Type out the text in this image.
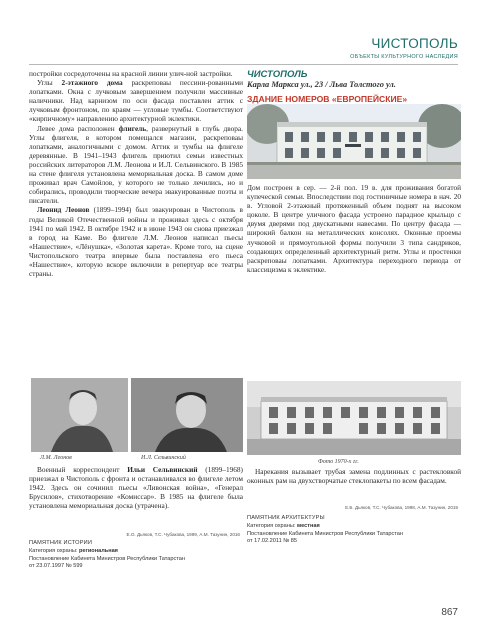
ЧИСТОПОЛЬ
ОБЪЕКТЫ КУЛЬТУРНОГО НАСЛЕДИЯ

постройки сосредоточены на красной линии улич-ной застройки.

Углы 2-этажного дома раскреповаы пессини-рованными лопатками. Окна с лучковым завершением получили массивные наличники. Над карнизом по оси фасада поставлен аттик с лучковым фронтоном, по краям — угловые тумбы. Соответствуют «кирпичному» направлению архитектурной эклектики.

Левее дома расположен флигель, развернутый в глубь двора. Углы флигеля, в котором помещался магазин, раскреповаы лопатками, аналогичными с домом. Аттик и тумбы на флигеле деревянные. В 1941–1943 флигель приютил семьи известных российских литераторов Л.М. Леонова и И.Л. Сельвинского. В 1985 на стене флигеля установлена мемориальная доска. В самом доме проживал врач Самойлов, у которого не только лечились, но и собирались, проводили творческие вечера эвакуированные поэты и писатели.

Леонид Леонов (1899–1994) был эвакуирован в Чистополь в годы Великой Отечественной войны и проживал здесь с октября 1941 по май 1942. В октябре 1942 и в июне 1943 он снова приезжал в город на Каме. Во флигеле Л.М. Леонов написал пьесы «Нашествие», «Лёнушка», «Золотая карета». Кроме того, на сцене Чистопольского театра впервые была поставлена его пьеса «Нашествие», которую вскоре включили в репертуар все театры страны.

ЧИСТОПОЛЬ
Карла Маркса ул., 23 / Льва Толстого ул.
ЗДАНИЕ НОМЕРОВ «ЕВРОПЕЙСКИЕ»

Дом построен в сер. — 2-й пол. 19 в. для проживания богатой купеческой семьи. Впоследствии под гостиничные номера в нач. 20 в. Угловой 2-этажный протяженный объем поднят на высоком цоколе. В центре уличного фасада устроено парадное крыльцо с двумя дверями под двускатными навесами. По центру фасада — широкий балкон на металлических консолях. Оконные проемы лучковой и прямоугольной формы получили 3 типа сандриков, создающих определенный архитектурный ритм. Углы и простенки раскреповаы лопатками. Архитектура переходного периода от классицизма к эклектике.

Л.М. Леонов	И.Л. Сельвинский
Фото 1970-х гг.

Военный корреспондент Ильи Сельвинский (1899–1968) приезжал в Чистополь с фронта и останавливался во флигеле летом 1942. Здесь он сочинил пьесы «Ливонская война», «Генерал Брусилов», стихотворение «Комиссар». В 1985 на флигеле была установлена мемориальная доска (утрачена).

Е.О. Дьяков, Т.С. Чубакова, 1999, А.М. Тазунин, 2016
ПАМЯТНИК ИСТОРИИ
Категория охраны: региональная
Постановление Кабинета Министров Республики Татарстан
от 23.07.1997 № 599

Нарекания вызывает трубая замена подлинных с растекловкой оконных рам на двухстворчатые стеклопакеты по всем фасадам.

Е.Б. Дьяков, Т.С. Чубакова, 1998, А.М. Тазунин, 2019
ПАМЯТНИК АРХИТЕКТУРЫ
Категория охраны: местная
Постановление Кабинета Министров Республики Татарстан
от 17.02.2011 № 85
867
